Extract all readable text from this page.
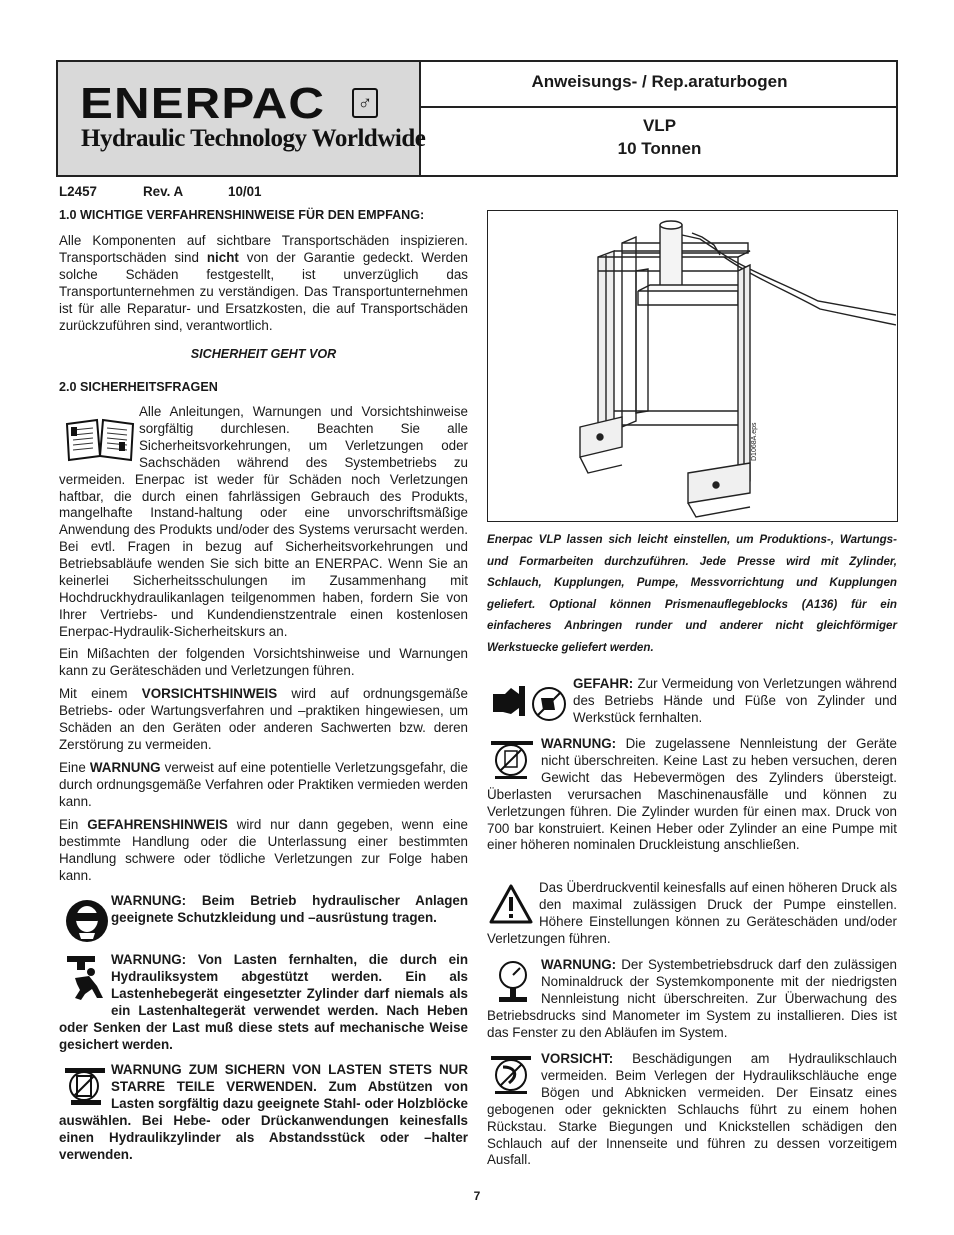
ENERPAC ♂
Hydraulic Technology Worldwide
Anweisungs- / Rep.araturbogen
VLP
10 Tonnen
L2457	Rev. A	10/01
1.0 WICHTIGE VERFAHRENSHINWEISE FÜR DEN EMPFANG:
Alle Komponenten auf sichtbare Transportschäden inspizieren. Transportschäden sind nicht von der Garantie gedeckt. Werden solche Schäden festgestellt, ist unverzüglich das Transportunternehmen zu verständigen. Das Transportunternehmen ist für alle Reparatur- und Ersatzkosten, die auf Transportschäden zurückzuführen sind, verantwortlich.
SICHERHEIT GEHT VOR
2.0 SICHERHEITSFRAGEN
Alle Anleitungen, Warnungen und Vorsichtshinweise sorgfältig durchlesen. Beachten Sie alle Sicherheitsvorkehrungen, um Verletzungen oder Sachschäden während des Systembetriebs zu vermeiden. Enerpac ist weder für Schäden noch Verletzungen haftbar, die durch einen fahrlässigen Gebrauch des Produkts, mangelhafte Instand-haltung oder eine unvorschriftsmäßige Anwendung des Produkts und/oder des Systems verursacht werden. Bei evtl. Fragen in bezug auf Sicherheitsvorkehrungen und Betriebsabläufe wenden Sie sich bitte an ENERPAC. Wenn Sie an keinerlei Sicherheitsschulungen im Zusammenhang mit Hochdruckhydraulikanlagen teilgenommen haben, fordern Sie von Ihrer Vertriebs- und Kundendienstzentrale einen kostenlosen Enerpac-Hydraulik-Sicherheitskurs an.
Ein Mißachten der folgenden Vorsichtshinweise und Warnungen kann zu Geräteschäden und Verletzungen führen.
Mit einem VORSICHTSHINWEIS wird auf ordnungsgemäße Betriebs- oder Wartungsverfahren und –praktiken hingewiesen, um Schäden an den Geräten oder anderen Sachwerten bzw. deren Zerstörung zu vermeiden.
Eine WARNUNG verweist auf eine potentielle Verletzungsgefahr, die durch ordnungsgemäße Verfahren oder Praktiken vermieden werden kann.
Ein GEFAHRENSHINWEIS wird nur dann gegeben, wenn eine bestimmte Handlung oder die Unterlassung einer bestimmten Handlung schwere oder tödliche Verletzungen zur Folge haben kann.
WARNUNG: Beim Betrieb hydraulischer Anlagen geeignete Schutzkleidung und –ausrüstung tragen.
WARNUNG: Von Lasten fernhalten, die durch ein Hydrauliksystem abgestützt werden. Ein als Lastenhebegerät eingesetzter Zylinder darf niemals als ein Lastenhaltegerät verwendet werden. Nach Heben oder Senken der Last muß diese stets auf mechanische Weise gesichert werden.
WARNUNG ZUM SICHERN VON LASTEN STETS NUR STARRE TEILE VERWENDEN. Zum Abstützen von Lasten sorgfältig dazu geeignete Stahl- oder Holzblöcke auswählen. Bei Hebe- oder Drückanwendungen keinesfalls einen Hydraulikzylinder als Abstandsstück oder –halter verwenden.
D1068A.eps
Enerpac VLP lassen sich leicht einstellen, um Produktions-, Wartungs- und Formarbeiten durchzuführen. Jede Presse wird mit Zylinder, Schlauch, Kupplungen, Pumpe, Messvorrichtung und Kupplungen geliefert. Optional können Prismenauflegeblocks (A136) für ein einfacheres Anbringen runder und anderer nicht gleichförmiger Werkstuecke geliefert werden.
GEFAHR: Zur Vermeidung von Verletzungen während des Betriebs Hände und Füße von Zylinder und Werkstück fernhalten.
WARNUNG: Die zugelassene Nennleistung der Geräte nicht überschreiten. Keine Last zu heben versuchen, deren Gewicht das Hebevermögen des Zylinders übersteigt. Überlasten verursachen Maschinenausfälle und können zu Verletzungen führen. Die Zylinder wurden für einen max. Druck von 700 bar konstruiert. Keinen Heber oder Zylinder an eine Pumpe mit einer höheren nominalen Druckleistung anschließen.
Das Überdruckventil keinesfalls auf einen höheren Druck als den maximal zulässigen Druck der Pumpe einstellen. Höhere Einstellungen können zu Geräteschäden und/oder Verletzungen führen.
WARNUNG: Der Systembetriebsdruck darf den zulässigen Nominaldruck der Systemkomponente mit der niedrigsten Nennleistung nicht überschreiten. Zur Überwachung des Betriebsdrucks sind Manometer im System zu installieren. Dies ist das Fenster zu den Abläufen im System.
VORSICHT: Beschädigungen am Hydraulikschlauch vermeiden. Beim Verlegen der Hydraulikschläuche enge Bögen und Abknicken vermeiden. Der Einsatz eines gebogenen oder geknickten Schlauchs führt zu einem hohen Rückstau. Starke Biegungen und Knickstellen schädigen den Schlauch auf der Innenseite und führen zu dessen vorzeitigem Ausfall.
7
